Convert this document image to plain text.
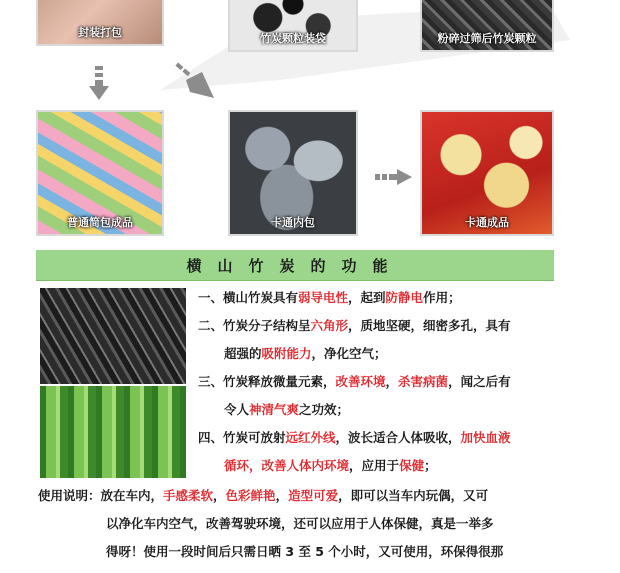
封装打包	竹炭颗粒装袋	粉碎过筛后竹炭颗粒
普通简包成品	卡通内包	卡通成品
横山竹炭的功能
一、横山竹炭具有弱导电性，起到防静电作用；
二、竹炭分子结构呈六角形，质地坚硬，细密多孔，具有
超强的吸附能力，净化空气；
三、竹炭释放微量元素，改善环境，杀害病菌，闻之后有
令人神清气爽之功效；
四、竹炭可放射远红外线，波长适合人体吸收，加快血液
循环，改善人体内环境，应用于保健；
使用说明：放在车内，手感柔软，色彩鲜艳，造型可爱，即可以当车内玩偶，又可
以净化车内空气，改善驾驶环境，还可以应用于人体保健，真是一举多
得呀！使用一段时间后只需日晒 3 至 5 个小时，又可使用，环保得很那
